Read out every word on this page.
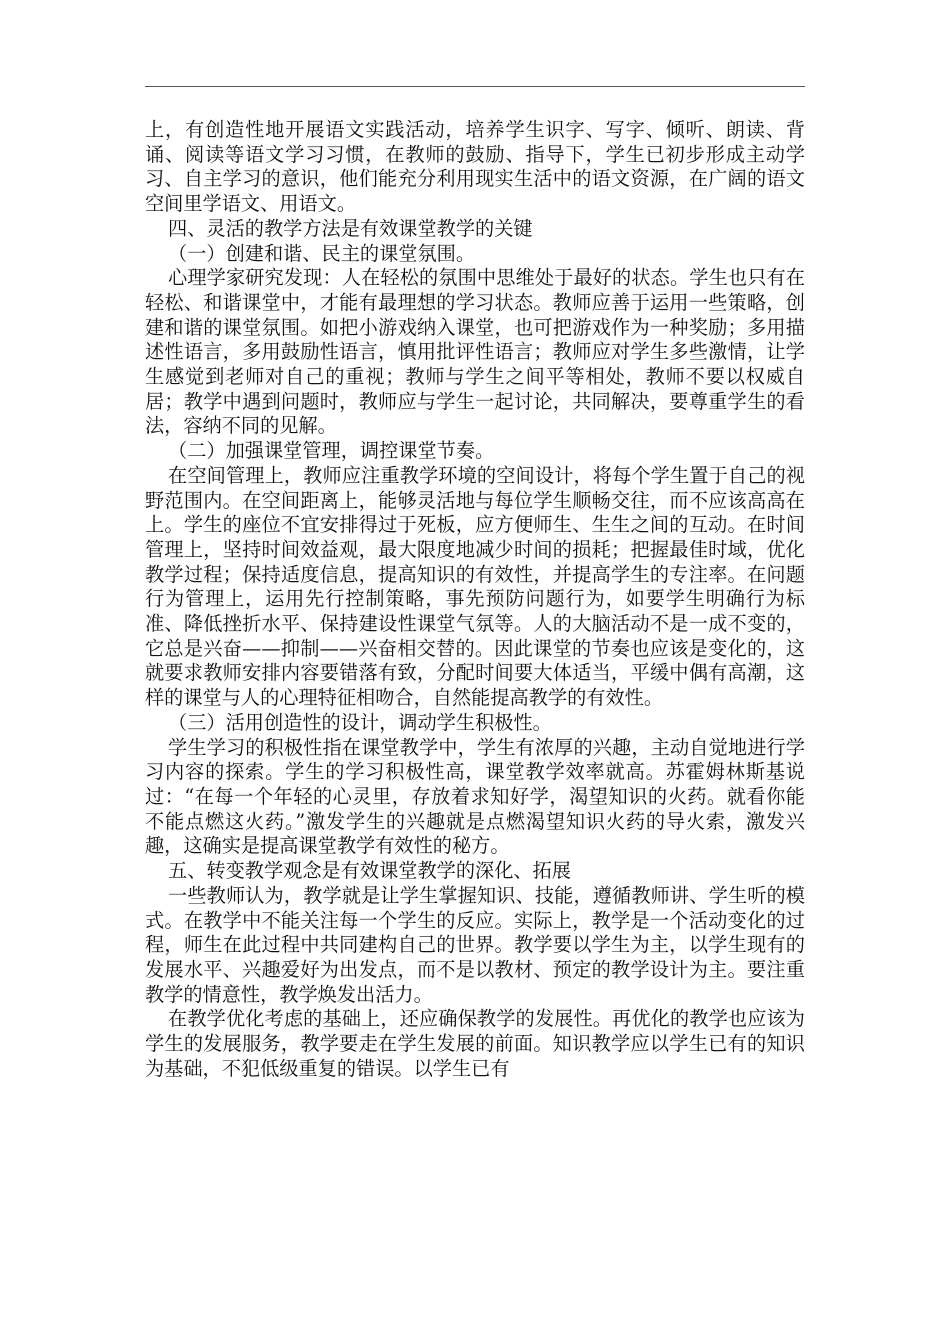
上，有创造性地开展语文实践活动，培养学生识字、写字、倾听、朗读、背诵、阅读等语文学习习惯，在教师的鼓励、指导下，学生已初步形成主动学习、自主学习的意识，他们能充分利用现实生活中的语文资源，在广阔的语文空间里学语文、用语文。

四、灵活的教学方法是有效课堂教学的关键

（一）创建和谐、民主的课堂氛围。

心理学家研究发现：人在轻松的氛围中思维处于最好的状态。学生也只有在轻松、和谐课堂中，才能有最理想的学习状态。教师应善于运用一些策略，创建和谐的课堂氛围。如把小游戏纳入课堂，也可把游戏作为一种奖励；多用描述性语言，多用鼓励性语言，慎用批评性语言；教师应对学生多些激情，让学生感觉到老师对自己的重视；教师与学生之间平等相处，教师不要以权威自居；教学中遇到问题时，教师应与学生一起讨论，共同解决，要尊重学生的看法，容纳不同的见解。

（二）加强课堂管理，调控课堂节奏。

在空间管理上，教师应注重教学环境的空间设计，将每个学生置于自己的视野范围内。在空间距离上，能够灵活地与每位学生顺畅交往，而不应该高高在上。学生的座位不宜安排得过于死板，应方便师生、生生之间的互动。在时间管理上，坚持时间效益观，最大限度地减少时间的损耗；把握最佳时域，优化教学过程；保持适度信息，提高知识的有效性，并提高学生的专注率。在问题行为管理上，运用先行控制策略，事先预防问题行为，如要学生明确行为标准、降低挫折水平、保持建设性课堂气氛等。人的大脑活动不是一成不变的，它总是兴奋——抑制——兴奋相交替的。因此课堂的节奏也应该是变化的，这就要求教师安排内容要错落有致，分配时间要大体适当，平缓中偶有高潮，这样的课堂与人的心理特征相吻合，自然能提高教学的有效性。

（三）活用创造性的设计，调动学生积极性。

学生学习的积极性指在课堂教学中，学生有浓厚的兴趣，主动自觉地进行学习内容的探索。学生的学习积极性高，课堂教学效率就高。苏霍姆林斯基说过：“在每一个年轻的心灵里，存放着求知好学，渴望知识的火药。就看你能不能点燃这火药。”激发学生的兴趣就是点燃渴望知识火药的导火索，激发兴趣，这确实是提高课堂教学有效性的秘方。

五、转变教学观念是有效课堂教学的深化、拓展

一些教师认为，教学就是让学生掌握知识、技能，遵循教师讲、学生听的模式。在教学中不能关注每一个学生的反应。实际上，教学是一个活动变化的过程，师生在此过程中共同建构自己的世界。教学要以学生为主，以学生现有的发展水平、兴趣爱好为出发点，而不是以教材、预定的教学设计为主。要注重教学的情意性，教学焕发出活力。

在教学优化考虑的基础上，还应确保教学的发展性。再优化的教学也应该为学生的发展服务，教学要走在学生发展的前面。知识教学应以学生已有的知识为基础，不犯低级重复的错误。以学生已有
